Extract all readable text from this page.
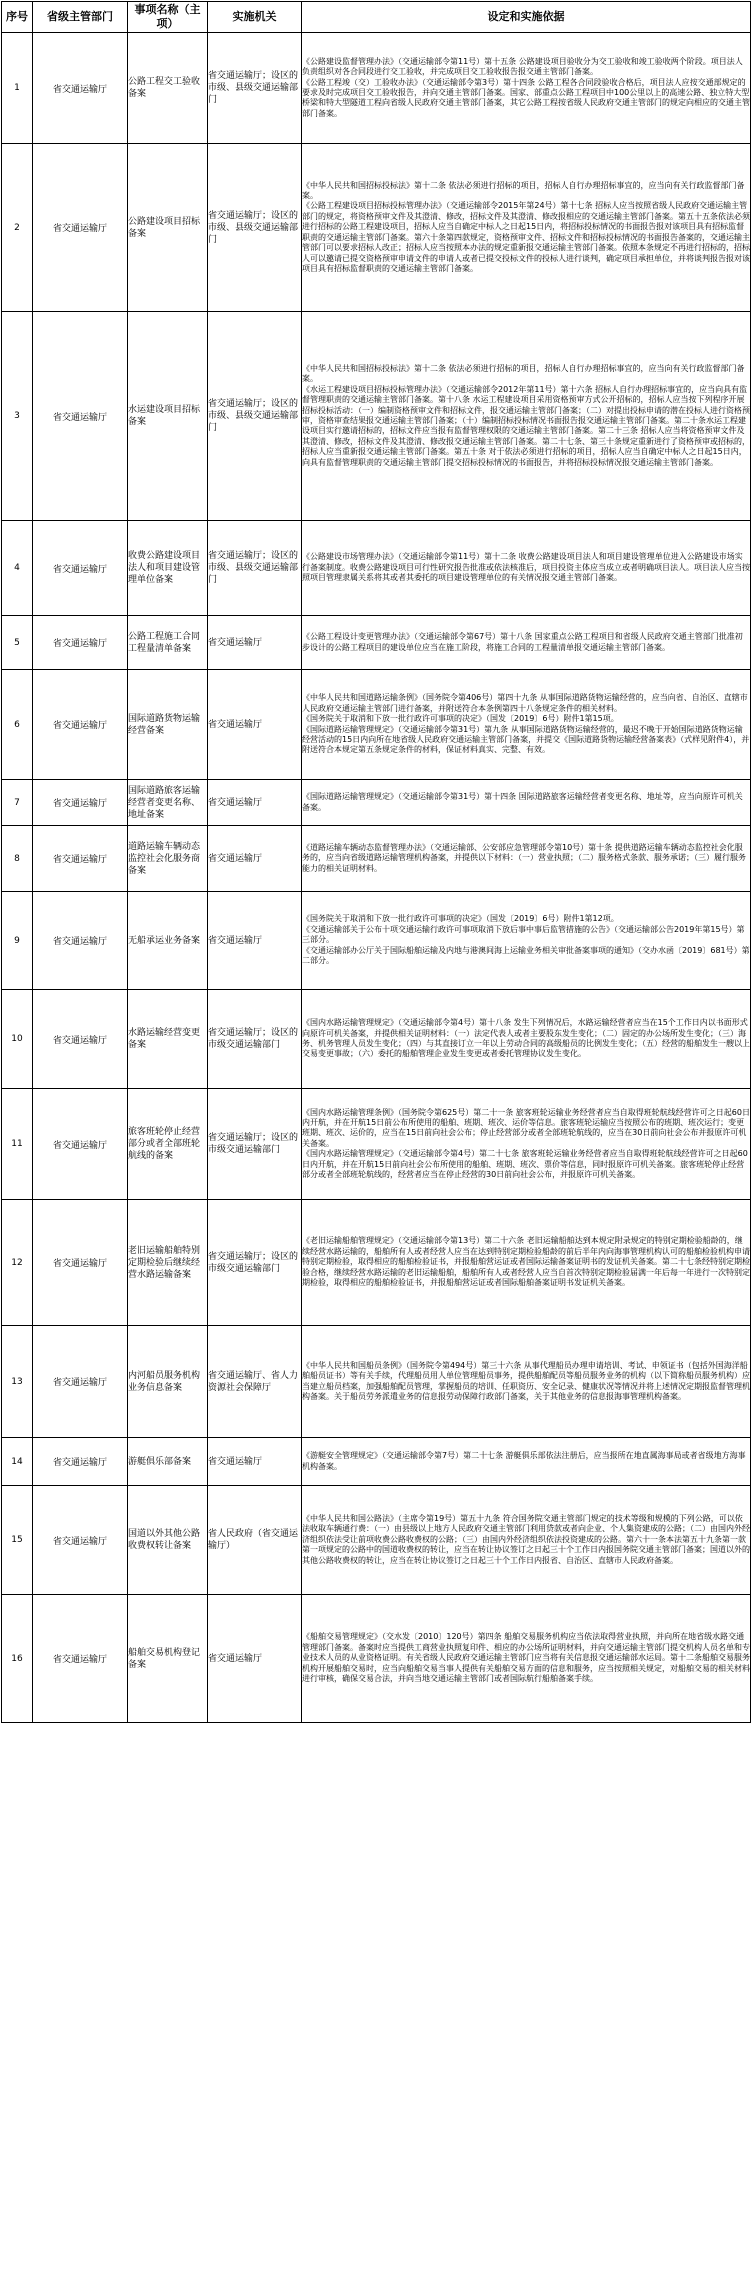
序号	省级主管部门	事项名称（主项）	实施机关	设定和实施依据
1	省交通运输厅	公路工程交工验收备案	省交通运输厅；设区的市级、县级交通运输部门	《公路建设监督管理办法》（交通运输部令第11号）第十五条 公路建设项目验收分为交工验收和竣工验收两个阶段。项目法人负责组织对各合同段进行交工验收，并完成项目交工验收报告报交通主管部门备案。

《公路工程竣（交）工验收办法》（交通运输部令第3号）第十四条 公路工程各合同段验收合格后，项目法人应按交通部规定的要求及时完成项目交工验收报告，并向交通主管部门备案。国家、部重点公路工程项目中100公里以上的高速公路、独立特大型桥梁和特大型隧道工程向省级人民政府交通主管部门备案，其它公路工程按省级人民政府交通主管部门的规定向相应的交通主管部门备案。

2	省交通运输厅	公路建设项目招标备案	省交通运输厅；设区的市级、县级交通运输部门	《中华人民共和国招标投标法》第十二条 依法必须进行招标的项目，招标人自行办理招标事宜的，应当向有关行政监督部门备案。

《公路工程建设项目招标投标管理办法》（交通运输部令2015年第24号）第十七条 招标人应当按照省级人民政府交通运输主管部门的规定，将资格预审文件及其澄清、修改，招标文件及其澄清、修改报相应的交通运输主管部门备案。第五十五条依法必须进行招标的公路工程建设项目，招标人应当自确定中标人之日起15日内，将招标投标情况的书面报告报对该项目具有招标监督职责的交通运输主管部门备案。第六十条第四款规定，资格预审文件、招标文件和招标投标情况的书面报告备案的，交通运输主管部门可以要求招标人改正；招标人应当按照本办法的规定重新报交通运输主管部门备案。依照本条规定不再进行招标的，招标人可以邀请已提交资格预审申请文件的申请人或者已提交投标文件的投标人进行谈判，确定项目承担单位，并将谈判报告报对该项目具有招标监督职责的交通运输主管部门备案。

3	省交通运输厅	水运建设项目招标备案	省交通运输厅；设区的市级、县级交通运输部门	《中华人民共和国招标投标法》第十二条 依法必须进行招标的项目，招标人自行办理招标事宜的，应当向有关行政监督部门备案。

《水运工程建设项目招标投标管理办法》（交通运输部令2012年第11号）第十六条 招标人自行办理招标事宜的，应当向具有监督管理职责的交通运输主管部门备案。第十八条 水运工程建设项目采用资格预审方式公开招标的，招标人应当按下列程序开展招标投标活动：（一）编制资格预审文件和招标文件，报交通运输主管部门备案；（二）对提出投标申请的潜在投标人进行资格预审，资格审查结果报交通运输主管部门备案；（十）编制招标投标情况书面报告报交通运输主管部门备案。第二十条水运工程建设项目实行邀请招标的，招标文件应当报有监督管理权限的交通运输主管部门备案。第二十三条 招标人应当将资格预审文件及其澄清、修改，招标文件及其澄清、修改报交通运输主管部门备案。第二十七条、第三十条规定重新进行了资格预审或招标的，招标人应当重新报交通运输主管部门备案。第五十条 对于依法必须进行招标的项目，招标人应当自确定中标人之日起15日内，向具有监督管理职责的交通运输主管部门提交招标投标情况的书面报告，并将招标投标情况报交通运输主管部门备案。

4	省交通运输厅	收费公路建设项目法人和项目建设管理单位备案	省交通运输厅；设区的市级、县级交通运输部门	《公路建设市场管理办法》（交通运输部令第11号）第十二条 收费公路建设项目法人和项目建设管理单位进入公路建设市场实行备案制度。收费公路建设项目可行性研究报告批准或依法核准后，项目投资主体应当成立或者明确项目法人。项目法人应当按照项目管理隶属关系将其或者其委托的项目建设管理单位的有关情况报交通主管部门备案。

5	省交通运输厅	公路工程施工合同工程量清单备案	省交通运输厅	《公路工程设计变更管理办法》（交通运输部令第67号）第十八条 国家重点公路工程项目和省级人民政府交通主管部门批准初步设计的公路工程项目的建设单位应当在施工阶段，将施工合同的工程量清单报交通运输主管部门备案。

6	省交通运输厅	国际道路货物运输经营备案	省交通运输厅	《中华人民共和国道路运输条例》（国务院令第406号）第四十九条 从事国际道路货物运输经营的，应当向省、自治区、直辖市人民政府交通运输主管部门进行备案，并附送符合本条例第四十八条规定条件的相关材料。

《国务院关于取消和下放一批行政许可事项的决定》（国发〔2019〕6号）附件1第15项。

《国际道路运输管理规定》（交通运输部令第31号）第九条 从事国际道路货物运输经营的，最迟不晚于开始国际道路货物运输经营活动的15日内向所在地省级人民政府交通运输主管部门备案，并提交《国际道路货物运输经营备案表》（式样见附件4），并附送符合本规定第五条规定条件的材料，保证材料真实、完整、有效。

7	省交通运输厅	国际道路旅客运输经营者变更名称、地址备案	省交通运输厅	《国际道路运输管理规定》（交通运输部令第31号）第十四条 国际道路旅客运输经营者变更名称、地址等，应当向原许可机关备案。

8	省交通运输厅	道路运输车辆动态监控社会化服务商备案	省交通运输厅	《道路运输车辆动态监督管理办法》（交通运输部、公安部应急管理部令第10号）第十条 提供道路运输车辆动态监控社会化服务的，应当向省级道路运输管理机构备案，并提供以下材料：（一）营业执照；（二）服务格式条款、服务承诺；（三）履行服务能力的相关证明材料。

9	省交通运输厅	无船承运业务备案	省交通运输厅	《国务院关于取消和下放一批行政许可事项的决定》（国发〔2019〕6号）附件1第12项。

《交通运输部关于公布十项交通运输行政许可事项取消下放后事中事后监管措施的公告》（交通运输部公告2019年第15号）第三部分。

《交通运输部办公厅关于国际船舶运输及内地与港澳间海上运输业务相关审批备案事项的通知》（交办水函〔2019〕681号）第二部分。

10	省交通运输厅	水路运输经营变更备案	省交通运输厅；设区的市级交通运输部门	《国内水路运输管理规定》（交通运输部令第4号）第十八条 发生下列情况后，水路运输经营者应当在15个工作日内以书面形式向原许可机关备案，并提供相关证明材料：（一）法定代表人或者主要股东发生变化；（二）固定的办公场所发生变化；（三）海务、机务管理人员发生变化；（四）与其直接订立一年以上劳动合同的高级船员的比例发生变化；（五）经营的船舶发生一艘以上交易变更事故；（六）委托的船舶管理企业发生变更或者委托管理协议发生变化。

11	省交通运输厅	旅客班轮停止经营部分或者全部班轮航线的备案	省交通运输厅；设区的市级交通运输部门	《国内水路运输管理条例》（国务院令第625号）第二十一条 旅客班轮运输业务经营者应当自取得班轮航线经营许可之日起60日内开航，并在开航15日前公布所使用的船舶、班期、班次、运价等信息。旅客班轮运输应当按照公布的班期、班次运行；变更班期、班次、运价的，应当在15日前向社会公布；停止经营部分或者全部班轮航线的，应当在30日前向社会公布并报原许可机关备案。

《国内水路运输管理规定》（交通运输部令第4号）第二十七条 旅客班轮运输业务经营者应当自取得班轮航线经营许可之日起60日内开航，并在开航15日前向社会公布所使用的船舶、班期、班次、票价等信息，同时报原许可机关备案。旅客班轮停止经营部分或者全部班轮航线的，经营者应当在停止经营的30日前向社会公布，并报原许可机关备案。

12	省交通运输厅	老旧运输船舶特别定期检验后继续经营水路运输备案	省交通运输厅；设区的市级交通运输部门	《老旧运输船舶管理规定》（交通运输部令第13号）第二十六条 老旧运输船舶达到本规定附录规定的特别定期检验船龄的，继续经营水路运输的，船舶所有人或者经营人应当在达到特别定期检验船龄的前后半年内向海事管理机构认可的船舶检验机构申请特别定期检验，取得相应的船舶检验证书，并报船舶营运证或者国际运输备案证明书的发证机关备案。第二十七条经特别定期检验合格，继续经营水路运输的老旧运输船舶，船舶所有人或者经营人应当自首次特别定期检验届满一年后每一年进行一次特别定期检验，取得相应的船舶检验证书，并报船舶营运证或者国际船舶备案证明书发证机关备案。

13	省交通运输厅	内河船员服务机构业务信息备案	省交通运输厅、省人力资源社会保障厅	《中华人民共和国船员条例》（国务院令第494号）第三十六条 从事代理船员办理申请培训、考试、申领证书（包括外国海洋船舶船员证书）等有关手续，代理船员用人单位管理船员事务，提供船舶配员等船员服务业务的机构（以下简称船员服务机构）应当建立船员档案，加强船舶配员管理，掌握船员的培训、任职资历、安全记录、健康状况等情况并将上述情况定期报监督管理机构备案。关于船员劳务派遣业务的信息报劳动保障行政部门备案，关于其他业务的信息报海事管理机构备案。

14	省交通运输厅	游艇俱乐部备案	省交通运输厅	《游艇安全管理规定》（交通运输部令第7号）第二十七条 游艇俱乐部依法注册后，应当报所在地直属海事局或者省级地方海事机构备案。

15	省交通运输厅	国道以外其他公路收费权转让备案	省人民政府（省交通运输厅）	《中华人民共和国公路法》（主席令第19号）第五十九条 符合国务院交通主管部门规定的技术等级和规模的下列公路，可以依法收取车辆通行费：（一）由县级以上地方人民政府交通主管部门利用贷款或者向企业、个人集资建成的公路；（二）由国内外经济组织依法受让前项收费公路收费权的公路；（三）由国内外经济组织依法投资建成的公路。第六十一条本法第五十九条第一款第一项规定的公路中的国道收费权的转让，应当在转让协议签订之日起三十个工作日内报国务院交通主管部门备案；国道以外的其他公路收费权的转让，应当在转让协议签订之日起三十个工作日内报省、自治区、直辖市人民政府备案。

16	省交通运输厅	船舶交易机构登记备案	省交通运输厅	《船舶交易管理规定》（交水发〔2010〕120号）第四条 船舶交易服务机构应当依法取得营业执照，并向所在地省级水路交通管理部门备案。备案时应当提供工商营业执照复印件、相应的办公场所证明材料，并向交通运输主管部门提交机构人员名单和专业技术人员的从业资格证明。有关省级人民政府交通运输主管部门应当将有关信息报交通运输部水运局。第十二条船舶交易服务机构开展船舶交易时，应当向船舶交易当事人提供有关船舶交易方面的信息和服务，应当按照相关规定，对船舶交易的相关材料进行审核，确保交易合法，并向当地交通运输主管部门或者国际航行船舶备案手续。
